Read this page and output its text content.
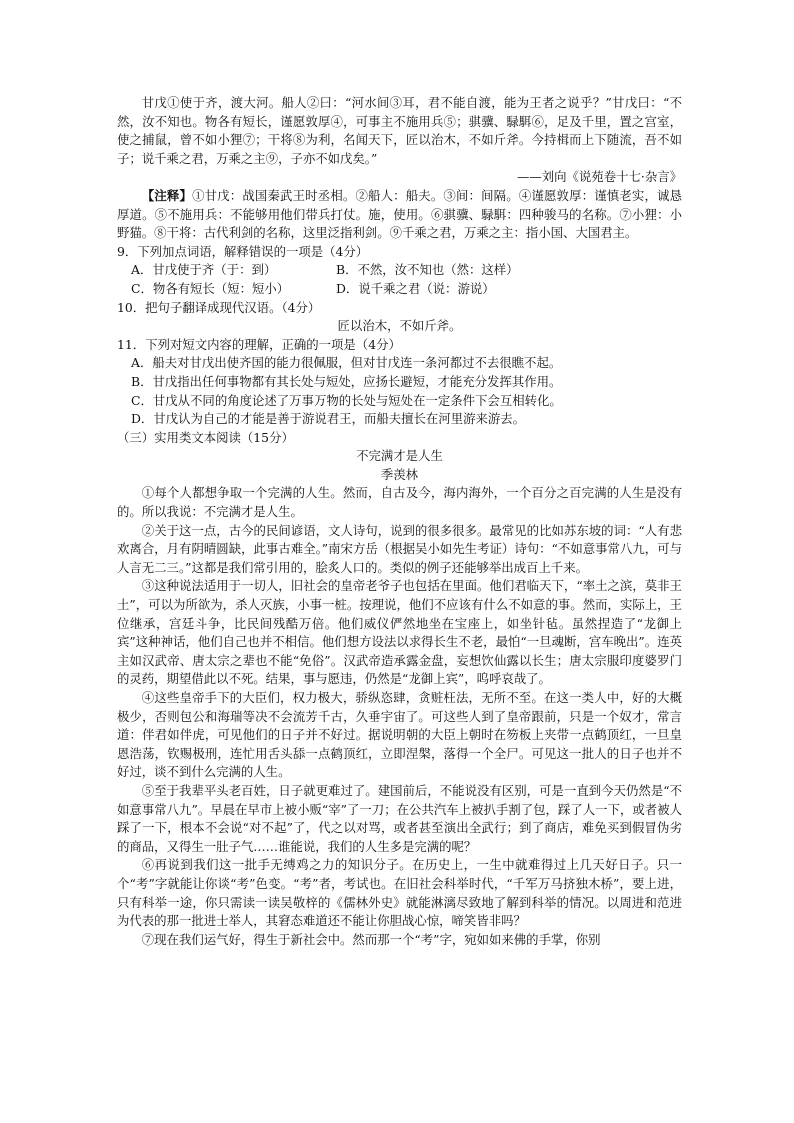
甘戊①使于齐，渡大河。船人②曰：“河水间③耳，君不能自渡，能为王者之说乎？”甘戊曰：“不然，汝不知也。物各有短长，谨愿敦厚④，可事主不施用兵⑤；骐骥、騄駬⑥，足及千里，置之宫室，使之捕鼠，曾不如小狸⑦；干将⑧为利，名闻天下，匠以治木，不如斤斧。今持楫而上下随流，吾不如子；说千乘之君，万乘之主⑨，子亦不如戊矣。”

——刘向《说苑卷十七·杂言》

【注释】①甘戊：战国秦武王时丞相。②船人：船夫。③间：间隔。④谨愿敦厚：谨慎老实，诚恳厚道。⑤不施用兵：不能够用他们带兵打仗。施，使用。⑥骐骥、騄駬：四种骏马的名称。⑦小狸：小野猫。⑧干将：古代利剑的名称，这里泛指利剑。⑨千乘之君，万乘之主：指小国、大国君主。

9．下列加点词语，解释错误的一项是（4分）

A．甘戊使于齐（于：到）	B．不然，汝不知也（然：这样）
C．物各有短长（短：短小）	D．说千乘之君（说：游说）

10．把句子翻译成现代汉语。（4分）

匠以治木，不如斤斧。

11．下列对短文内容的理解，正确的一项是（4分）

A．船夫对甘戊出使齐国的能力很佩服，但对甘戊连一条河都过不去很瞧不起。

B．甘戊指出任何事物都有其长处与短处，应扬长避短，才能充分发挥其作用。

C．甘戊从不同的角度论述了万事万物的长处与短处在一定条件下会互相转化。

D．甘戊认为自己的才能是善于游说君王，而船夫擅长在河里游来游去。

（三）实用类文本阅读（15分）

不完满才是人生

季羡林

①每个人都想争取一个完满的人生。然而，自古及今，海内海外，一个百分之百完满的人生是没有的。所以我说：不完满才是人生。

②关于这一点，古今的民间谚语，文人诗句，说到的很多很多。最常见的比如苏东坡的词：“人有悲欢离合，月有阴晴圆缺，此事古难全。”南宋方岳（根据吴小如先生考证）诗句：“不如意事常八九，可与人言无二三。”这都是我们常引用的，脍炙人口的。类似的例子还能够举出成百上千来。

③这种说法适用于一切人，旧社会的皇帝老爷子也包括在里面。他们君临天下，“率土之滨，莫非王土”，可以为所欲为，杀人灭族，小事一桩。按理说，他们不应该有什么不如意的事。然而，实际上，王位继承，宫廷斗争，比民间残酷万倍。他们威仪俨然地坐在宝座上，如坐针毡。虽然捏造了“龙御上宾”这种神话，他们自己也并不相信。他们想方设法以求得长生不老，最怕“一旦魂断，宫车晚出”。连英主如汉武帝、唐太宗之辈也不能“免俗”。汉武帝造承露金盘，妄想饮仙露以长生；唐太宗服印度婆罗门的灵药，期望借此以不死。结果，事与愿违，仍然是“龙御上宾”，呜呼哀哉了。

④这些皇帝手下的大臣们，权力极大，骄纵恣肆，贪赃枉法，无所不至。在这一类人中，好的大概极少，否则包公和海瑞等决不会流芳千古，久垂宇宙了。可这些人到了皇帝跟前，只是一个奴才，常言道：伴君如伴虎，可见他们的日子并不好过。据说明朝的大臣上朝时在笏板上夹带一点鹤顶红，一旦皇恩浩荡，钦赐极刑，连忙用舌头舔一点鹤顶红，立即涅槃，落得一个全尸。可见这一批人的日子也并不好过，谈不到什么完满的人生。

⑤至于我辈平头老百姓，日子就更难过了。建国前后，不能说没有区别，可是一直到今天仍然是“不如意事常八九”。早晨在早市上被小贩“宰”了一刀；在公共汽车上被扒手割了包，踩了人一下，或者被人踩了一下，根本不会说“对不起”了，代之以对骂，或者甚至演出全武行；到了商店，难免买到假冒伪劣的商品，又得生一肚子气……谁能说，我们的人生多是完满的呢？

⑥再说到我们这一批手无缚鸡之力的知识分子。在历史上，一生中就难得过上几天好日子。只一个“考”字就能让你谈“考”色变。“考”者，考试也。在旧社会科举时代，“千军万马挤独木桥”，要上进，只有科举一途，你只需读一读吴敬梓的《儒林外史》就能淋漓尽致地了解到科举的情况。以周进和范进为代表的那一批进士举人，其窘态难道还不能让你胆战心惊，啼笑皆非吗？

⑦现在我们运气好，得生于新社会中。然而那一个“考”字，宛如如来佛的手掌，你别
